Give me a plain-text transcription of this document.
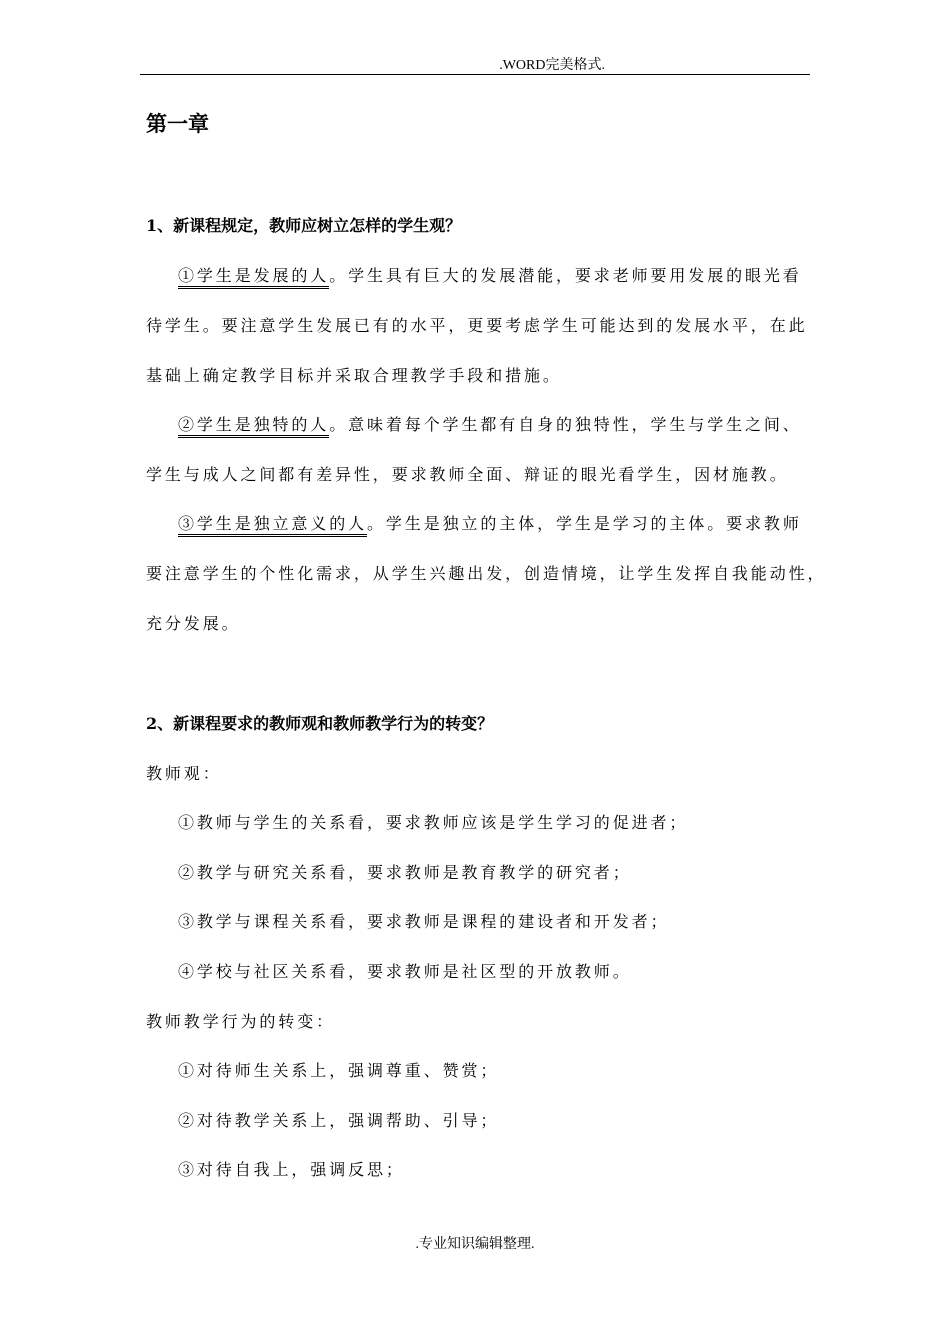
.WORD完美格式.
第一章
1、新课程规定，教师应树立怎样的学生观？
①学生是发展的人。学生具有巨大的发展潜能，要求老师要用发展的眼光看
待学生。要注意学生发展已有的水平，更要考虑学生可能达到的发展水平，在此
基础上确定教学目标并采取合理教学手段和措施。
②学生是独特的人。意味着每个学生都有自身的独特性，学生与学生之间、
学生与成人之间都有差异性，要求教师全面、辩证的眼光看学生，因材施教。
③学生是独立意义的人。学生是独立的主体，学生是学习的主体。要求教师
要注意学生的个性化需求，从学生兴趣出发，创造情境，让学生发挥自我能动性，
充分发展。
2、新课程要求的教师观和教师教学行为的转变？
教师观：
①教师与学生的关系看，要求教师应该是学生学习的促进者；
②教学与研究关系看，要求教师是教育教学的研究者；
③教学与课程关系看，要求教师是课程的建设者和开发者；
④学校与社区关系看，要求教师是社区型的开放教师。
教师教学行为的转变：
①对待师生关系上，强调尊重、赞赏；
②对待教学关系上，强调帮助、引导；
③对待自我上，强调反思；
.专业知识编辑整理.
